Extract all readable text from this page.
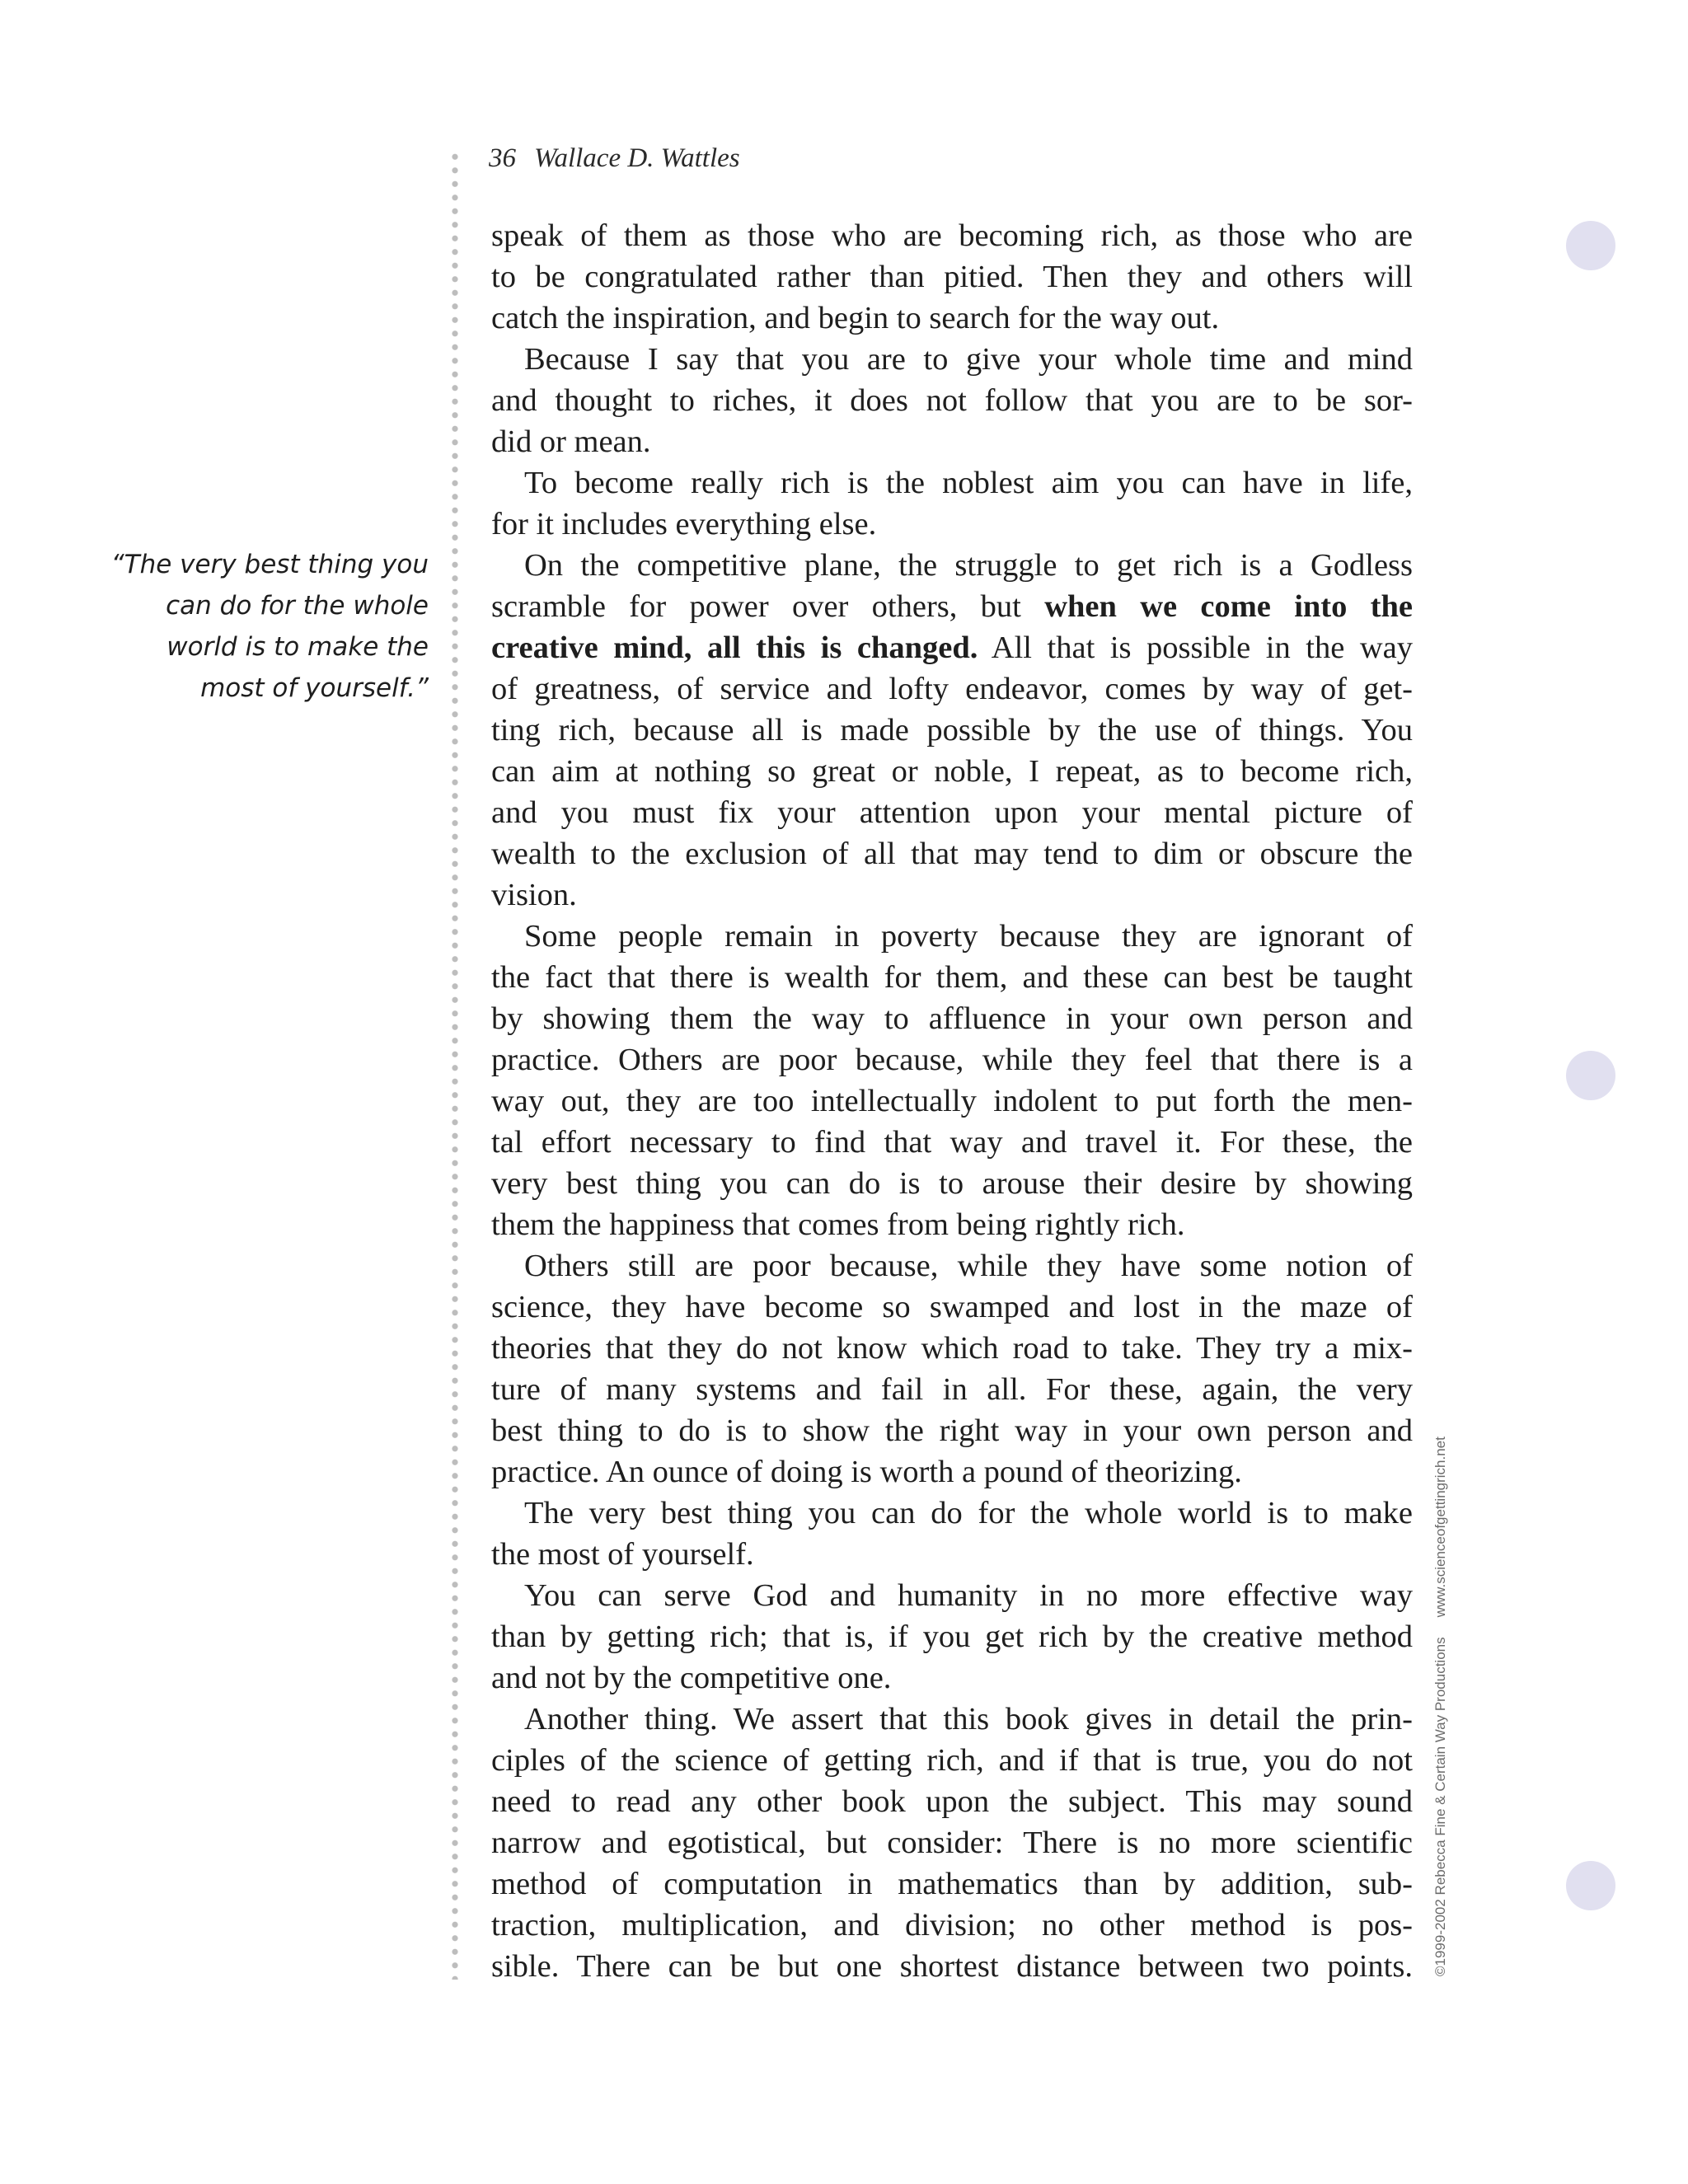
36 Wallace D. Wattles
“The very best thing you
can do for the whole
world is to make the
most of yourself.”
speak of them as those who are becoming rich, as those who are
to be congratulated rather than pitied. Then they and others will
catch the inspiration, and begin to search for the way out.
Because I say that you are to give your whole time and mind
and thought to riches, it does not follow that you are to be sor-
did or mean.
To become really rich is the noblest aim you can have in life,
for it includes everything else.
On the competitive plane, the struggle to get rich is a Godless
scramble for power over others, but when we come into the
creative mind, all this is changed. All that is possible in the way
of greatness, of service and lofty endeavor, comes by way of get-
ting rich, because all is made possible by the use of things. You
can aim at nothing so great or noble, I repeat, as to become rich,
and you must fix your attention upon your mental picture of
wealth to the exclusion of all that may tend to dim or obscure the
vision.
Some people remain in poverty because they are ignorant of
the fact that there is wealth for them, and these can best be taught
by showing them the way to affluence in your own person and
practice. Others are poor because, while they feel that there is a
way out, they are too intellectually indolent to put forth the men-
tal effort necessary to find that way and travel it. For these, the
very best thing you can do is to arouse their desire by showing
them the happiness that comes from being rightly rich.
Others still are poor because, while they have some notion of
science, they have become so swamped and lost in the maze of
theories that they do not know which road to take. They try a mix-
ture of many systems and fail in all. For these, again, the very
best thing to do is to show the right way in your own person and
practice. An ounce of doing is worth a pound of theorizing.
The very best thing you can do for the whole world is to make
the most of yourself.
You can serve God and humanity in no more effective way
than by getting rich; that is, if you get rich by the creative method
and not by the competitive one.
Another thing. We assert that this book gives in detail the prin-
ciples of the science of getting rich, and if that is true, you do not
need to read any other book upon the subject. This may sound
narrow and egotistical, but consider: There is no more scientific
method of computation in mathematics than by addition, sub-
traction, multiplication, and division; no other method is pos-
sible. There can be but one shortest distance between two points. ©1999-2002 Rebecca Fine & Certain Way Productionswww.scienceofgettingrich.net
